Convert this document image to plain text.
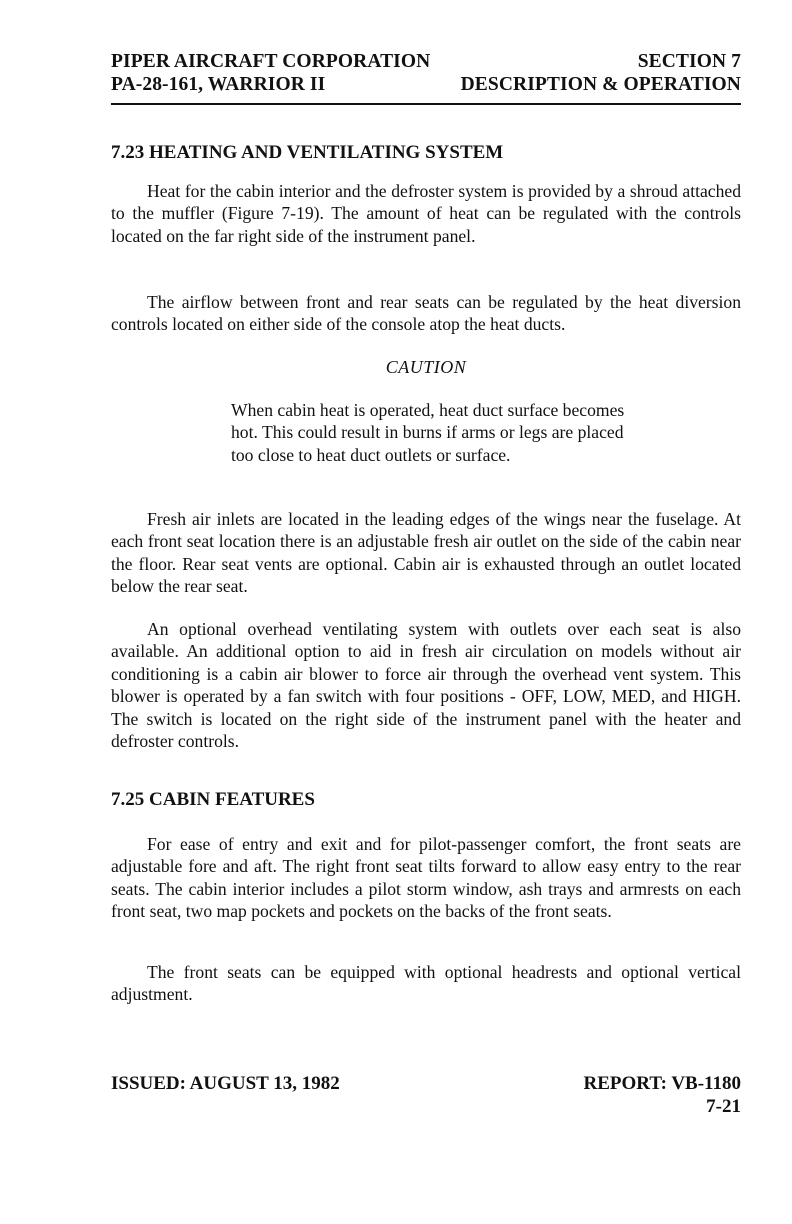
PIPER AIRCRAFT CORPORATION	SECTION 7
PA-28-161, WARRIOR II	DESCRIPTION & OPERATION
7.23 HEATING AND VENTILATING SYSTEM

Heat for the cabin interior and the defroster system is provided by a shroud attached to the muffler (Figure 7-19). The amount of heat can be regulated with the controls located on the far right side of the instrument panel.

The airflow between front and rear seats can be regulated by the heat diversion controls located on either side of the console atop the heat ducts.

CAUTION

When cabin heat is operated, heat duct surface becomes hot. This could result in burns if arms or legs are placed too close to heat duct outlets or surface.

Fresh air inlets are located in the leading edges of the wings near the fuselage. At each front seat location there is an adjustable fresh air outlet on the side of the cabin near the floor. Rear seat vents are optional. Cabin air is exhausted through an outlet located below the rear seat.

An optional overhead ventilating system with outlets over each seat is also available. An additional option to aid in fresh air circulation on models without air conditioning is a cabin air blower to force air through the overhead vent system. This blower is operated by a fan switch with four positions - OFF, LOW, MED, and HIGH. The switch is located on the right side of the instrument panel with the heater and defroster controls.

7.25 CABIN FEATURES

For ease of entry and exit and for pilot-passenger comfort, the front seats are adjustable fore and aft. The right front seat tilts forward to allow easy entry to the rear seats. The cabin interior includes a pilot storm window, ash trays and armrests on each front seat, two map pockets and pockets on the backs of the front seats.

The front seats can be equipped with optional headrests and optional vertical adjustment.

ISSUED: AUGUST 13, 1982	REPORT: VB-1180
7-21
